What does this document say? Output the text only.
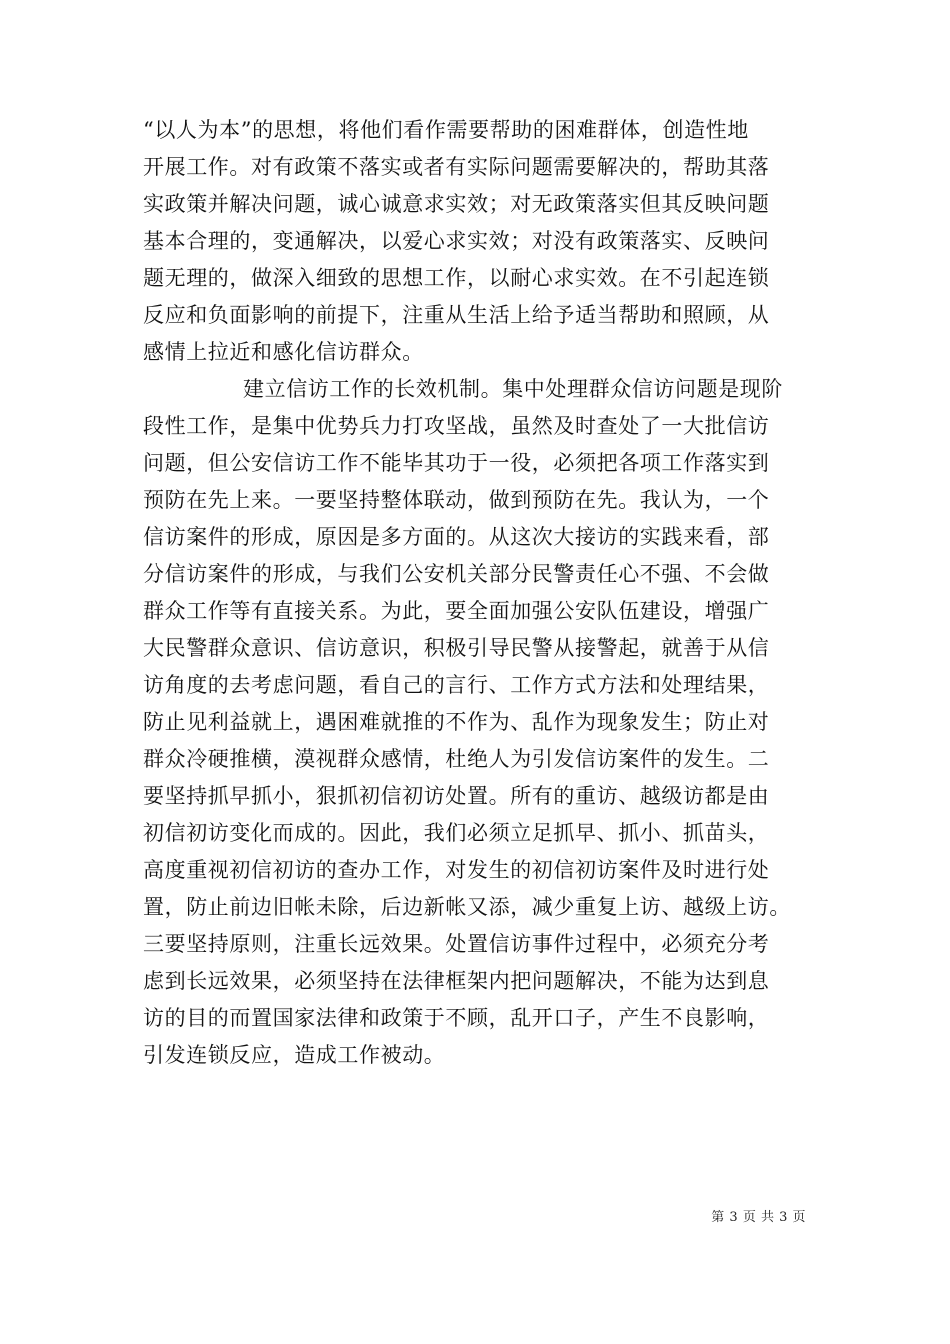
“以人为本”的思想，将他们看作需要帮助的困难群体，创造性地
开展工作。对有政策不落实或者有实际问题需要解决的，帮助其落
实政策并解决问题，诚心诚意求实效；对无政策落实但其反映问题
基本合理的，变通解决，以爱心求实效；对没有政策落实、反映问
题无理的，做深入细致的思想工作，以耐心求实效。在不引起连锁
反应和负面影响的前提下，注重从生活上给予适当帮助和照顾，从
感情上拉近和感化信访群众。
建立信访工作的长效机制。集中处理群众信访问题是现阶
段性工作，是集中优势兵力打攻坚战，虽然及时查处了一大批信访
问题，但公安信访工作不能毕其功于一役，必须把各项工作落实到
预防在先上来。一要坚持整体联动，做到预防在先。我认为，一个
信访案件的形成，原因是多方面的。从这次大接访的实践来看，部
分信访案件的形成，与我们公安机关部分民警责任心不强、不会做
群众工作等有直接关系。为此，要全面加强公安队伍建设，增强广
大民警群众意识、信访意识，积极引导民警从接警起，就善于从信
访角度的去考虑问题，看自己的言行、工作方式方法和处理结果，
防止见利益就上，遇困难就推的不作为、乱作为现象发生；防止对
群众冷硬推横，漠视群众感情，杜绝人为引发信访案件的发生。二
要坚持抓早抓小，狠抓初信初访处置。所有的重访、越级访都是由
初信初访变化而成的。因此，我们必须立足抓早、抓小、抓苗头，
高度重视初信初访的查办工作，对发生的初信初访案件及时进行处
置，防止前边旧帐未除，后边新帐又添，减少重复上访、越级上访。
三要坚持原则，注重长远效果。处置信访事件过程中，必须充分考
虑到长远效果，必须坚持在法律框架内把问题解决，不能为达到息
访的目的而置国家法律和政策于不顾，乱开口子，产生不良影响，
引发连锁反应，造成工作被动。
第 3 页 共 3 页
